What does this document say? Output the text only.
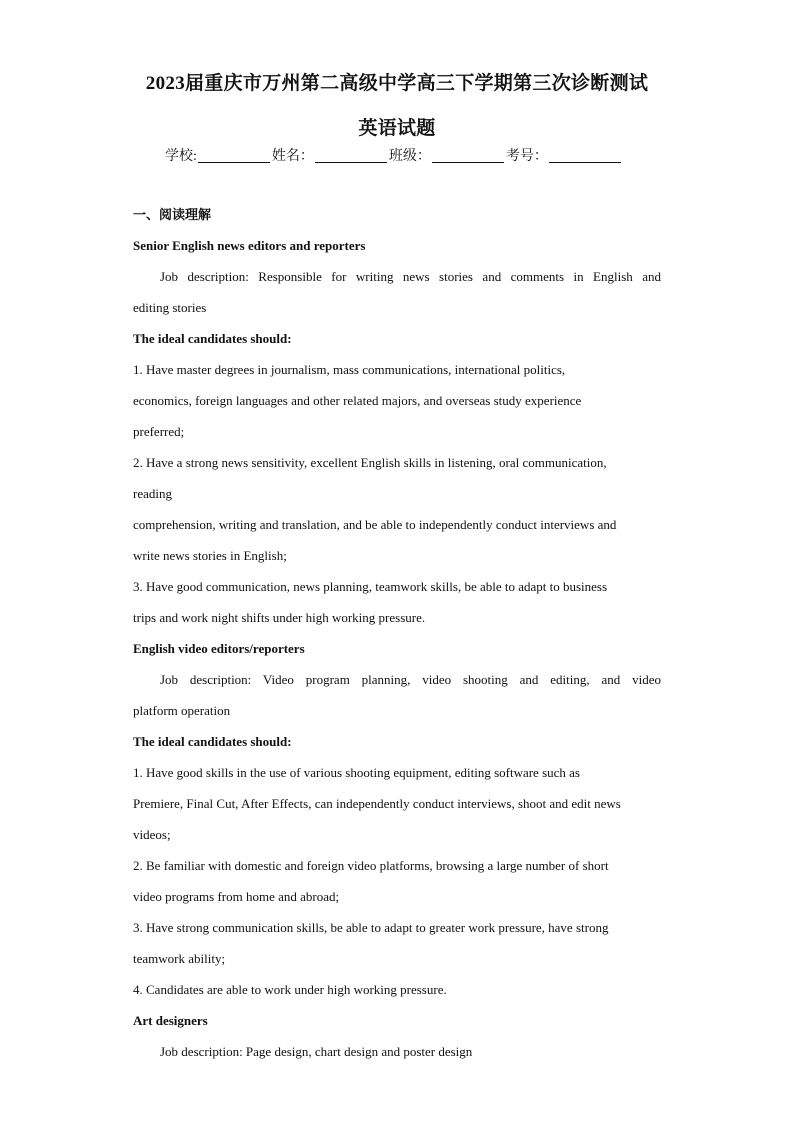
2023届重庆市万州第二高级中学高三下学期第三次诊断测试
英语试题
学校:	姓名：	班级：	考号：
一、阅读理解
Senior English news editors and reporters
Job description: Responsible for writing news stories and comments in English and
editing stories
The ideal candidates should:
1. Have master degrees in journalism, mass communications, international politics,
economics, foreign languages and other related majors, and overseas study experience
preferred;
2. Have a strong news sensitivity, excellent English skills in listening, oral communication,
reading
comprehension, writing and translation, and be able to independently conduct interviews and
write news stories in English;
3. Have good communication, news planning, teamwork skills, be able to adapt to business
trips and work night shifts under high working pressure.
English video editors/reporters
Job description: Video program planning, video shooting and editing, and video
platform operation
The ideal candidates should:
1. Have good skills in the use of various shooting equipment, editing software such as
Premiere, Final Cut, After Effects, can independently conduct interviews, shoot and edit news
videos;
2. Be familiar with domestic and foreign video platforms, browsing a large number of short
video programs from home and abroad;
3. Have strong communication skills, be able to adapt to greater work pressure, have strong
teamwork ability;
4. Candidates are able to work under high working pressure.
Art designers
Job description: Page design, chart design and poster design
